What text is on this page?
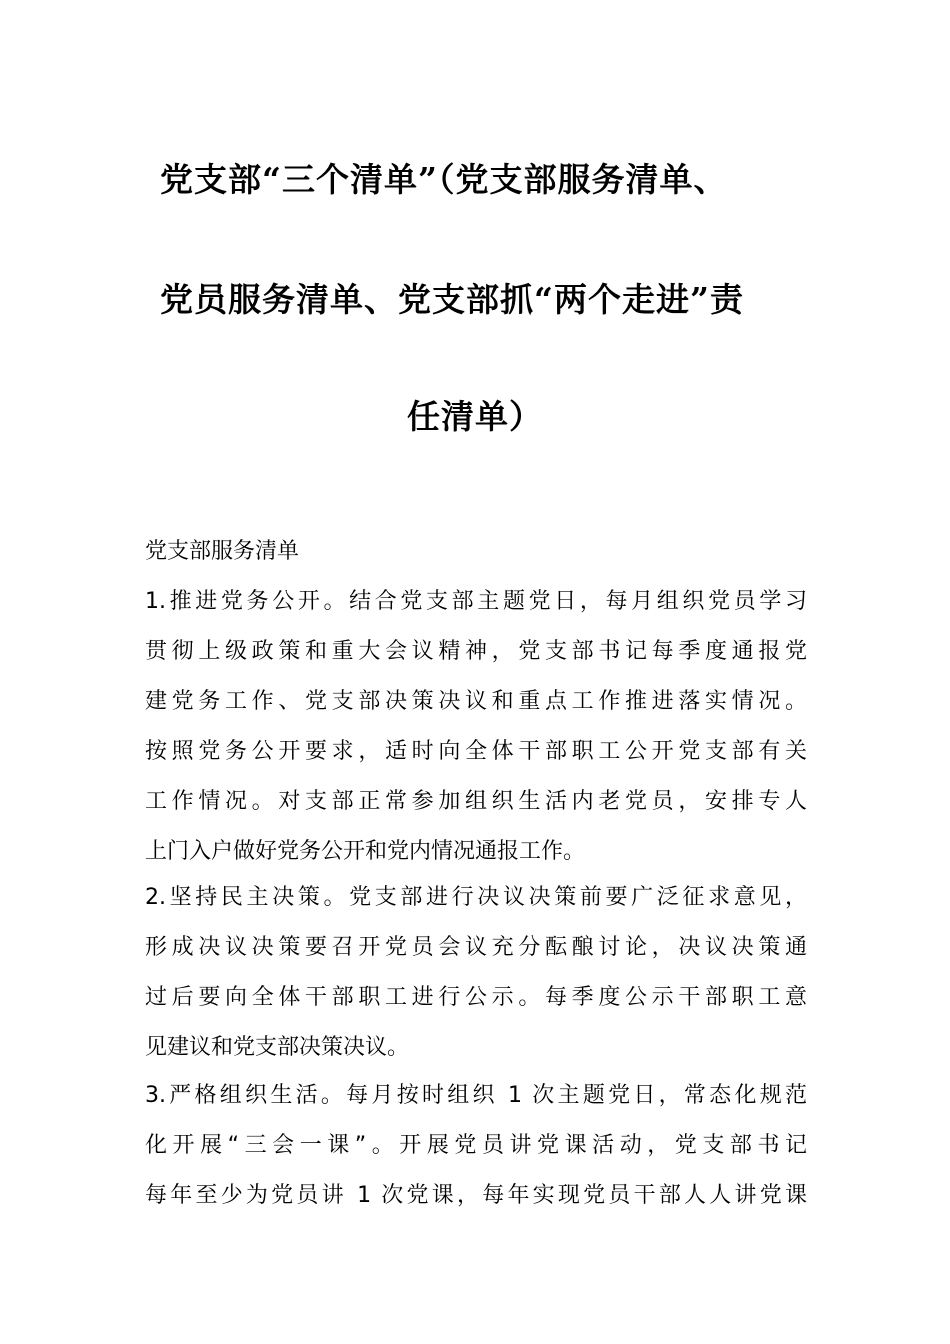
党支部“三个清单”（党支部服务清单、
党员服务清单、党支部抓“两个走进”责
任清单）
党支部服务清单
1.推进党务公开。结合党支部主题党日，每月组织党员学习
贯彻上级政策和重大会议精神，党支部书记每季度通报党
建党务工作、党支部决策决议和重点工作推进落实情况。
按照党务公开要求，适时向全体干部职工公开党支部有关
工作情况。对支部正常参加组织生活内老党员，安排专人
上门入户做好党务公开和党内情况通报工作。
2.坚持民主决策。党支部进行决议决策前要广泛征求意见，
形成决议决策要召开党员会议充分酝酿讨论，决议决策通
过后要向全体干部职工进行公示。每季度公示干部职工意
见建议和党支部决策决议。
3.严格组织生活。每月按时组织 1 次主题党日，常态化规范
化开展“三会一课”。开展党员讲党课活动，党支部书记
每年至少为党员讲 1 次党课，每年实现党员干部人人讲党课
